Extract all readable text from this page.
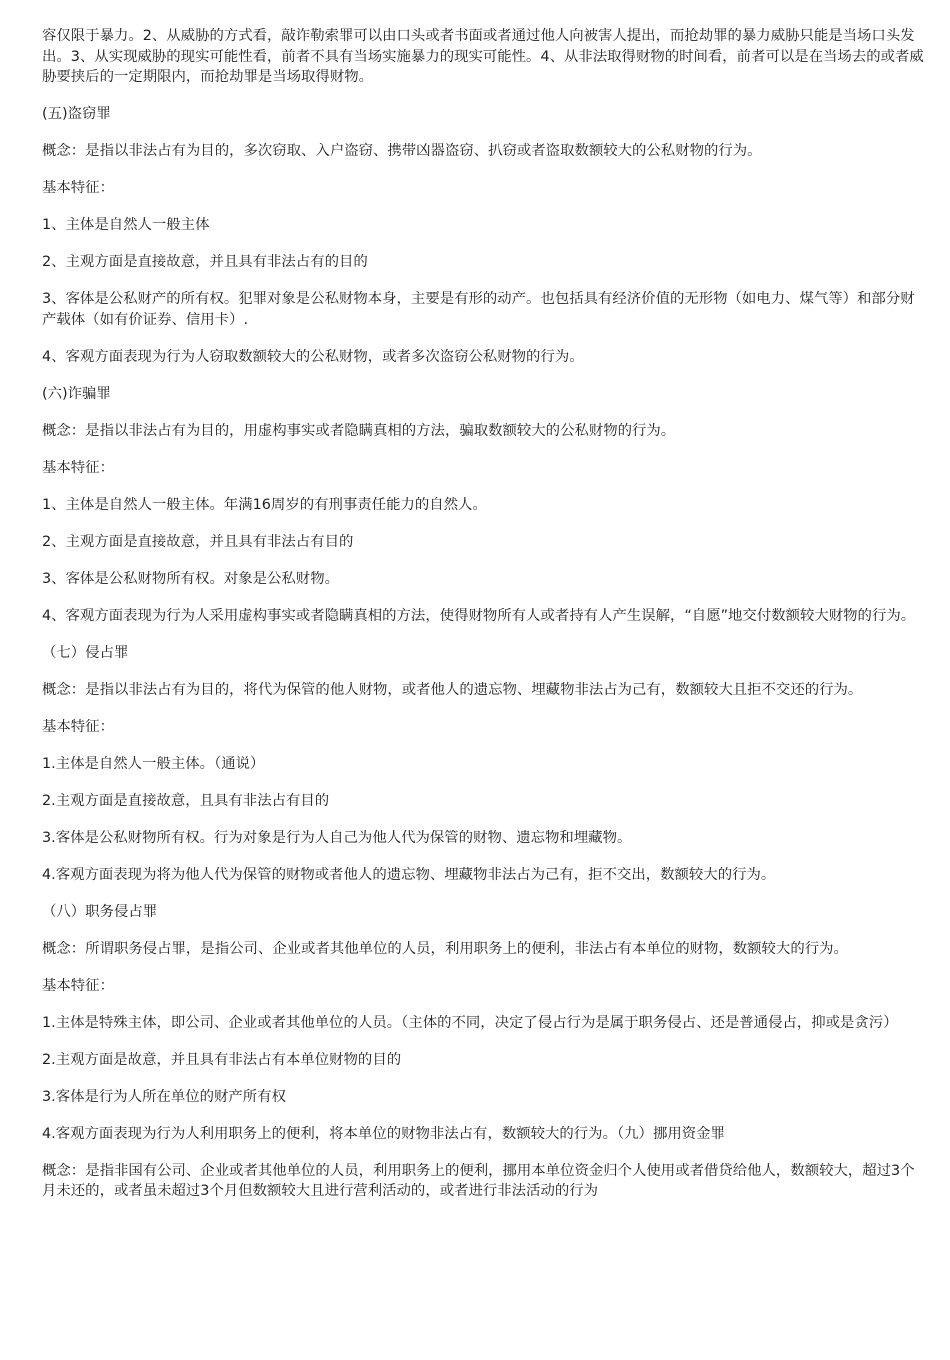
容仅限于暴力。2、从威胁的方式看，敲诈勒索罪可以由口头或者书面或者通过他人向被害人提出，而抢劫罪的暴力威胁只能是当场口头发出。3、从实现威胁的现实可能性看，前者不具有当场实施暴力的现实可能性。4、从非法取得财物的时间看，前者可以是在当场去的或者威胁要挟后的一定期限内，而抢劫罪是当场取得财物。

(五)盗窃罪

概念：是指以非法占有为目的，多次窃取、入户盗窃、携带凶器盗窃、扒窃或者盗取数额较大的公私财物的行为。

基本特征：

1、主体是自然人一般主体

2、主观方面是直接故意，并且具有非法占有的目的

3、客体是公私财产的所有权。犯罪对象是公私财物本身，主要是有形的动产。也包括具有经济价值的无形物（如电力、煤气等）和部分财产载体（如有价证券、信用卡）.

4、客观方面表现为行为人窃取数额较大的公私财物，或者多次盗窃公私财物的行为。

(六)诈骗罪

概念：是指以非法占有为目的，用虚构事实或者隐瞒真相的方法，骗取数额较大的公私财物的行为。

基本特征：

1、主体是自然人一般主体。年满16周岁的有刑事责任能力的自然人。

2、主观方面是直接故意，并且具有非法占有目的

3、客体是公私财物所有权。对象是公私财物。

4、客观方面表现为行为人采用虚构事实或者隐瞒真相的方法，使得财物所有人或者持有人产生误解，“自愿”地交付数额较大财物的行为。

（七）侵占罪

概念：是指以非法占有为目的，将代为保管的他人财物，或者他人的遗忘物、埋藏物非法占为己有，数额较大且拒不交还的行为。

基本特征：

1.主体是自然人一般主体。（通说）

2.主观方面是直接故意，且具有非法占有目的

3.客体是公私财物所有权。行为对象是行为人自己为他人代为保管的财物、遗忘物和埋藏物。

4.客观方面表现为将为他人代为保管的财物或者他人的遗忘物、埋藏物非法占为己有，拒不交出，数额较大的行为。

（八）职务侵占罪

概念：所谓职务侵占罪，是指公司、企业或者其他单位的人员，利用职务上的便利，非法占有本单位的财物，数额较大的行为。

基本特征：

1.主体是特殊主体，即公司、企业或者其他单位的人员。（主体的不同，决定了侵占行为是属于职务侵占、还是普通侵占，抑或是贪污）

2.主观方面是故意，并且具有非法占有本单位财物的目的

3.客体是行为人所在单位的财产所有权

4.客观方面表现为行为人利用职务上的便利，将本单位的财物非法占有，数额较大的行为。（九）挪用资金罪

概念：是指非国有公司、企业或者其他单位的人员，利用职务上的便利，挪用本单位资金归个人使用或者借贷给他人，数额较大，超过3个月未还的，或者虽未超过3个月但数额较大且进行营利活动的，或者进行非法活动的行为
